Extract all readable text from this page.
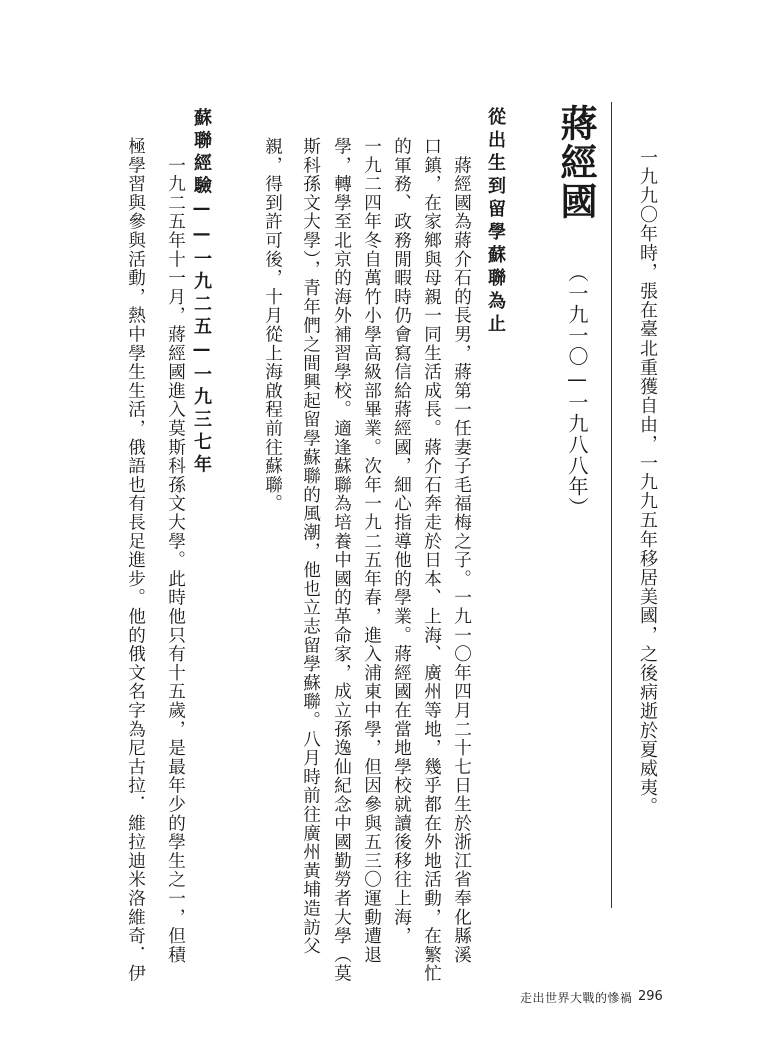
一九九〇年時，張在臺北重獲自由，一九九五年移居美國，之後病逝於夏威夷。

蔣經國
（一九一〇—一九八八年）
從出生到留學蘇聯為止

　蔣經國為蔣介石的長男，蔣第一任妻子毛福梅之子。一九一〇年四月二十七日生於浙江省奉化縣溪

口鎮，在家鄉與母親一同生活成長。蔣介石奔走於日本、上海、廣州等地，幾乎都在外地活動，在繁忙

的軍務、政務閒暇時仍會寫信給蔣經國，細心指導他的學業。蔣經國在當地學校就讀後移往上海，

一九二四年冬自萬竹小學高級部畢業。次年一九二五年春，進入浦東中學，但因參與五三〇運動遭退

學，轉學至北京的海外補習學校。適逢蘇聯為培養中國的革命家，成立孫逸仙紀念中國勤勞者大學（莫

斯科孫文大學），青年們之間興起留學蘇聯的風潮，他也立志留學蘇聯。八月時前往廣州黃埔造訪父

親，得到許可後，十月從上海啟程前往蘇聯。

蘇聯經驗——一九二五—一九三七年

　一九二五年十一月，蔣經國進入莫斯科孫文大學。此時他只有十五歲，是最年少的學生之一，但積

極學習與參與活動，熱中學生生活，俄語也有長足進步。他的俄文名字為尼古拉．維拉迪米洛維奇．伊

走出世界大戰的慘禍 296
